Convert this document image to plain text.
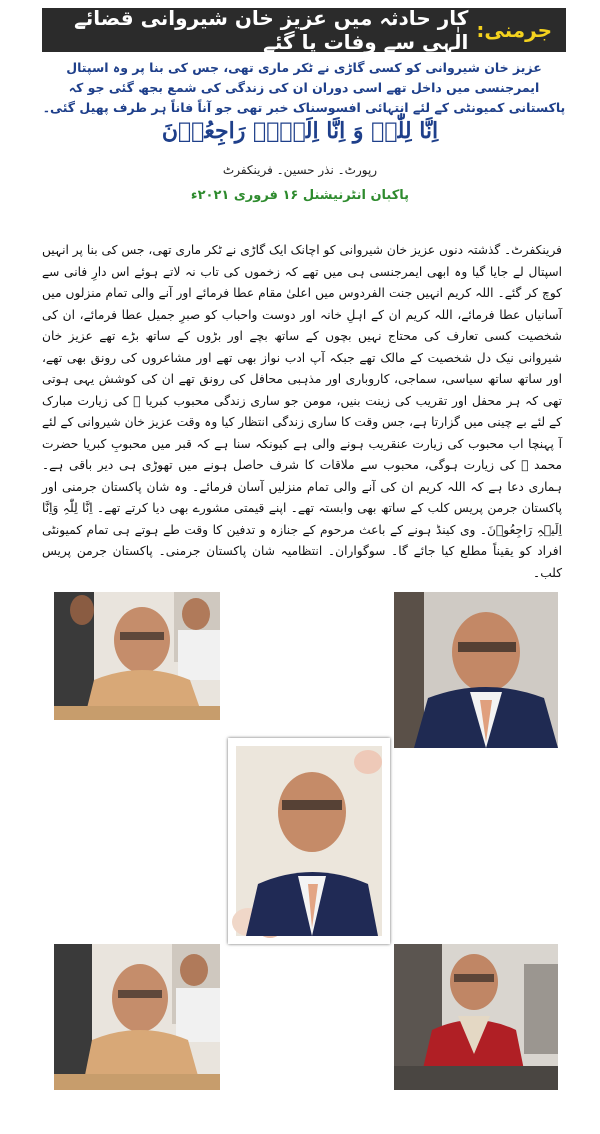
جرمنی:
کار حادثہ میں عزیز خان شیروانی قضائے الٰہی سے وفات پا گئے
عزیز خان شیروانی کو کسی گاڑی نے ٹکر ماری تھی، جس کی بنا پر وہ اسپتال ایمرجنسی میں داخل تھے اسی دوران ان کی زندگی کی شمع بجھ گئی جو کہ پاکستانی کمیونٹی کے لئے انتہائی افسوسناک خبر تھی جو آناً فاناً ہر طرف پھیل گئی۔
اِنَّا لِلّٰہِ وَ اِنَّا اِلَیۡہِ رَاجِعُوۡنَ
رپورٹ۔ نذر حسین۔ فرینکفرٹ
پاکبان انٹرنیشنل ۱۶ فروری ۲۰۲۱ء
فرینکفرٹ۔ گذشتہ دنوں عزیز خان شیروانی کو اچانک ایک گاڑی نے ٹکر ماری تھی، جس کی بنا پر انہیں اسپتال لے جایا گیا وہ ابھی ایمرجنسی ہی میں تھے کہ زخموں کی تاب نہ لاتے ہوئے اس دارِ فانی سے کوچ کر گئے۔ اللہ کریم انہیں جنت الفردوس میں اعلیٰ مقام عطا فرمائے اور آنے والی تمام منزلوں میں آسانیاں عطا فرمائے، اللہ کریم ان کے اہلِ خانہ اور دوست واحباب کو صبرِ جمیل عطا فرمائے، ان کی شخصیت کسی تعارف کی محتاج نہیں بچوں کے ساتھ بچے اور بڑوں کے ساتھ بڑے تھے عزیز خان شیروانی نیک دل شخصیت کے مالک تھے جبکہ آپ ادب نواز بھی تھے اور مشاعروں کی رونق بھی تھے، اور ساتھ ساتھ سیاسی، سماجی، کاروباری اور مذہبی محافل کی رونق تھے ان کی کوشش یہی ہوتی تھی کہ ہر محفل اور تقریب کی زینت بنیں، مومن جو ساری زندگی محبوب کبریا ﷺ کی زیارت مبارک کے لئے بے چینی میں گزارتا ہے، جس وقت کا ساری زندگی انتظار کیا وہ وقت عزیز خان شیروانی کے لئے آ پہنچا اب محبوب کی زیارت عنقریب ہونے والی ہے کیونکہ سنا ہے کہ قبر میں محبوبِ کبریا حضرت محمد ﷺ کی زیارت ہوگی، محبوب سے ملاقات کا شرف حاصل ہونے میں تھوڑی ہی دیر باقی ہے۔ ہماری دعا ہے کہ اللہ کریم ان کی آنے والی تمام منزلیں آسان فرمائے۔ وہ شان پاکستان جرمنی اور پاکستان جرمن پریس کلب کے ساتھ بھی وابستہ تھے۔ اپنے قیمتی مشورے بھی دیا کرتے تھے۔ اِنَّا لِلّٰہِ وَاِنَّا اِلَیۡہِ رَاجِعُوۡنَ۔ وی کینڈ ہونے کے باعث مرحوم کے جنازہ و تدفین کا وقت طے ہوتے ہی تمام کمیونٹی افراد کو یقیناً مطلع کیا جائے گا۔ سوگواران۔ انتظامیہ شان پاکستان جرمنی۔ پاکستان جرمن پریس کلب۔
